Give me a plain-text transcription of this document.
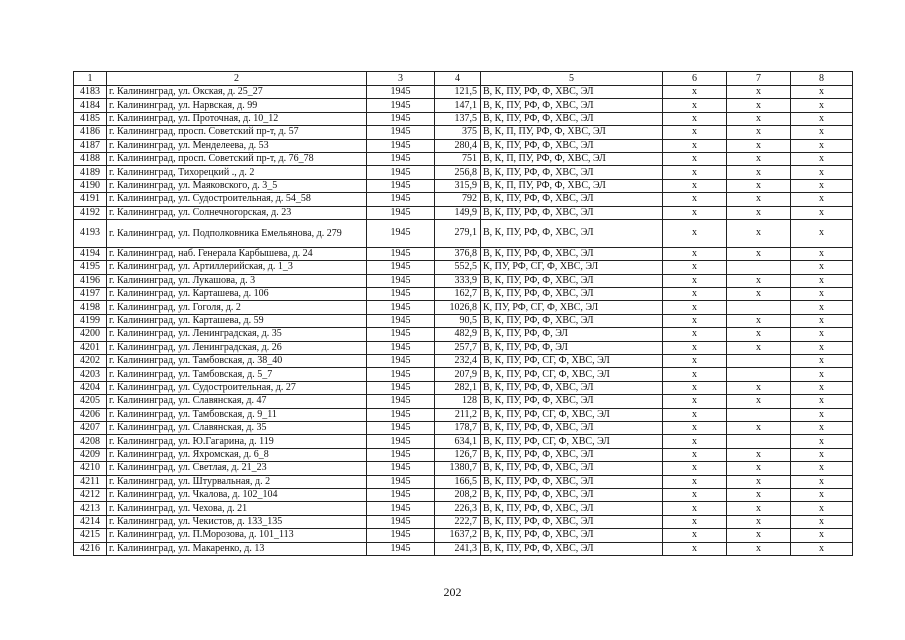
1	2	3	4	5	6	7	8
4183	г. Калининград, ул. Окская, д. 25_27	1945	121,5	В, К, ПУ, РФ, Ф, ХВС, ЭЛ	x	x	x
4184	г. Калининград, ул. Нарвская, д. 99	1945	147,1	В, К, ПУ, РФ, Ф, ХВС, ЭЛ	x	x	x
4185	г. Калининград, ул. Проточная, д. 10_12	1945	137,5	В, К, ПУ, РФ, Ф, ХВС, ЭЛ	x	x	x
4186	г. Калининград, просп. Советский пр-т, д. 57	1945	375	В, К, П, ПУ, РФ, Ф, ХВС, ЭЛ	x	x	x
4187	г. Калининград, ул. Менделеева, д. 53	1945	280,4	В, К, ПУ, РФ, Ф, ХВС, ЭЛ	x	x	x
4188	г. Калининград, просп. Советский пр-т, д. 76_78	1945	751	В, К, П, ПУ, РФ, Ф, ХВС, ЭЛ	x	x	x
4189	г. Калининград, Тихорецкий ., д. 2	1945	256,8	В, К, ПУ, РФ, Ф, ХВС, ЭЛ	x	x	x
4190	г. Калининград, ул. Маяковского, д. 3_5	1945	315,9	В, К, П, ПУ, РФ, Ф, ХВС, ЭЛ	x	x	x
4191	г. Калининград, ул. Судостроительная, д. 54_58	1945	792	В, К, ПУ, РФ, Ф, ХВС, ЭЛ	x	x	x
4192	г. Калининград, ул. Солнечногорская, д. 23	1945	149,9	В, К, ПУ, РФ, Ф, ХВС, ЭЛ	x	x	x
4193	г. Калининград, ул. Подполковника Емельянова, д. 279	1945	279,1	В, К, ПУ, РФ, Ф, ХВС, ЭЛ	x	x	x
4194	г. Калининград, наб. Генерала Карбышева, д. 24	1945	376,8	В, К, ПУ, РФ, Ф, ХВС, ЭЛ	x	x	x
4195	г. Калининград, ул. Артиллерийская, д. 1_3	1945	552,5	К, ПУ, РФ, СГ, Ф, ХВС, ЭЛ	x		x
4196	г. Калининград, ул. Лукашова, д. 3	1945	333,9	В, К, ПУ, РФ, Ф, ХВС, ЭЛ	x	x	x
4197	г. Калининград, ул. Карташева, д. 106	1945	162,7	В, К, ПУ, РФ, Ф, ХВС, ЭЛ	x	x	x
4198	г. Калининград, ул. Гоголя, д. 2	1945	1026,8	К, ПУ, РФ, СГ, Ф, ХВС, ЭЛ	x		x
4199	г. Калининград, ул. Карташева, д. 59	1945	90,5	В, К, ПУ, РФ, Ф, ХВС, ЭЛ	x	x	x
4200	г. Калининград, ул. Ленинградская, д. 35	1945	482,9	В, К, ПУ, РФ, Ф, ЭЛ	x	x	x
4201	г. Калининград, ул. Ленинградская, д. 26	1945	257,7	В, К, ПУ, РФ, Ф, ЭЛ	x	x	x
4202	г. Калининград, ул. Тамбовская, д. 38_40	1945	232,4	В, К, ПУ, РФ, СГ, Ф, ХВС, ЭЛ	x		x
4203	г. Калининград, ул. Тамбовская, д. 5_7	1945	207,9	В, К, ПУ, РФ, СГ, Ф, ХВС, ЭЛ	x		x
4204	г. Калининград, ул. Судостроительная, д. 27	1945	282,1	В, К, ПУ, РФ, Ф, ХВС, ЭЛ	x	x	x
4205	г. Калининград, ул. Славянская, д. 47	1945	128	В, К, ПУ, РФ, Ф, ХВС, ЭЛ	x	x	x
4206	г. Калининград, ул. Тамбовская, д. 9_11	1945	211,2	В, К, ПУ, РФ, СГ, Ф, ХВС, ЭЛ	x		x
4207	г. Калининград, ул. Славянская, д. 35	1945	178,7	В, К, ПУ, РФ, Ф, ХВС, ЭЛ	x	x	x
4208	г. Калининград, ул. Ю.Гагарина, д. 119	1945	634,1	В, К, ПУ, РФ, СГ, Ф, ХВС, ЭЛ	x		x
4209	г. Калининград, ул. Яхромская, д. 6_8	1945	126,7	В, К, ПУ, РФ, Ф, ХВС, ЭЛ	x	x	x
4210	г. Калининград, ул. Светлая, д. 21_23	1945	1380,7	В, К, ПУ, РФ, Ф, ХВС, ЭЛ	x	x	x
4211	г. Калининград, ул. Штурвальная, д. 2	1945	166,5	В, К, ПУ, РФ, Ф, ХВС, ЭЛ	x	x	x
4212	г. Калининград, ул. Чкалова, д. 102_104	1945	208,2	В, К, ПУ, РФ, Ф, ХВС, ЭЛ	x	x	x
4213	г. Калининград, ул. Чехова, д. 21	1945	226,3	В, К, ПУ, РФ, Ф, ХВС, ЭЛ	x	x	x
4214	г. Калининград, ул. Чекистов, д. 133_135	1945	222,7	В, К, ПУ, РФ, Ф, ХВС, ЭЛ	x	x	x
4215	г. Калининград, ул. П.Морозова, д. 101_113	1945	1637,2	В, К, ПУ, РФ, Ф, ХВС, ЭЛ	x	x	x
4216	г. Калининград, ул. Макаренко, д. 13	1945	241,3	В, К, ПУ, РФ, Ф, ХВС, ЭЛ	x	x	x
202
